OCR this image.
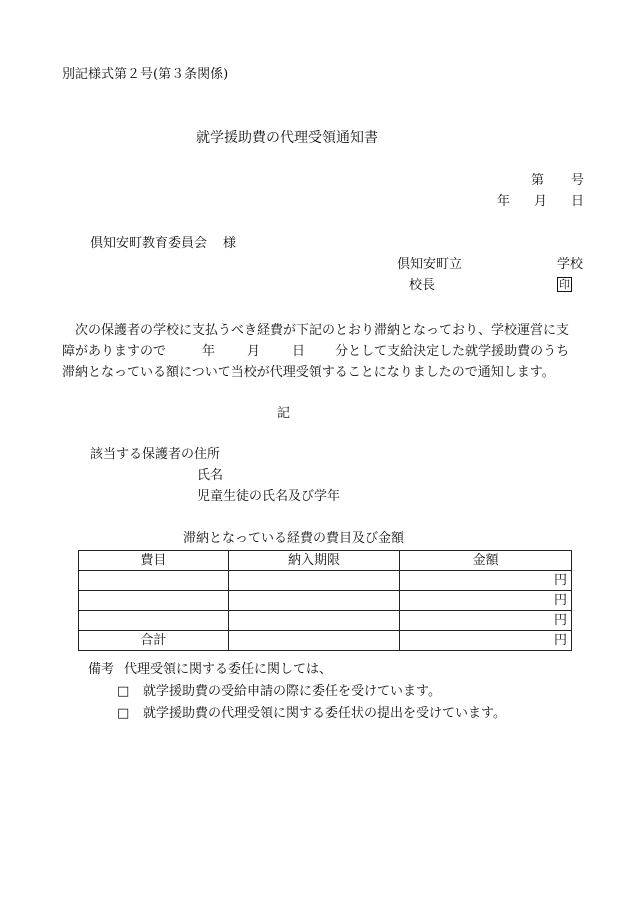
別記様式第２号(第３条関係)
就学援助費の代理受領通知書
第 号
年 月 日
倶知安町教育委員会 様
倶知安町立	学校
校長	印
次の保護者の学校に支払うべき経費が下記のとおり滞納となっており、学校運営に支
障がありますので	年 月 日 分として支給決定した就学援助費のうち
滞納となっている額について当校が代理受領することになりましたので通知します。
記
該当する保護者の住所
氏名
児童生徒の氏名及び学年
滞納となっている経費の費目及び金額
費目	納入期限	金額
		円
		円
		円
合計		円
備考 代理受領に関する委任に関しては、
□ 就学援助費の受給申請の際に委任を受けています。
□ 就学援助費の代理受領に関する委任状の提出を受けています。
